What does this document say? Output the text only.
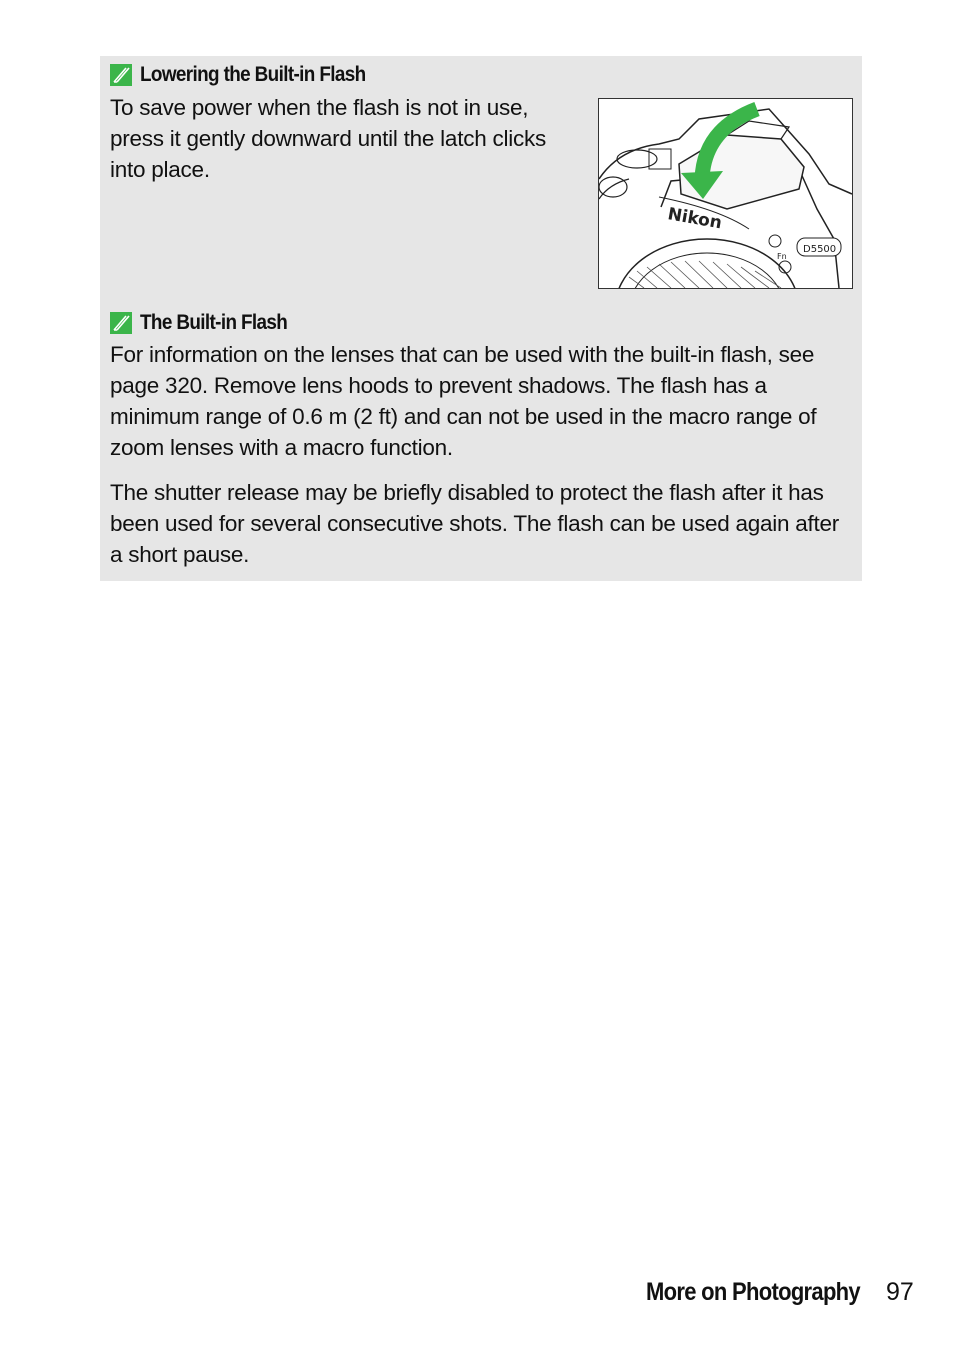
Lowering the Built-in Flash

To save power when the flash is not in use, press it gently downward until the latch clicks into place.

Nikon
D5500
Fn
The Built-in Flash

For information on the lenses that can be used with the built-in flash, see page 320. Remove lens hoods to prevent shadows. The flash has a minimum range of 0.6 m (2 ft) and can not be used in the macro range of zoom lenses with a macro function.

The shutter release may be briefly disabled to protect the flash after it has been used for several consecutive shots. The flash can be used again after a short pause.

More on Photography 97
